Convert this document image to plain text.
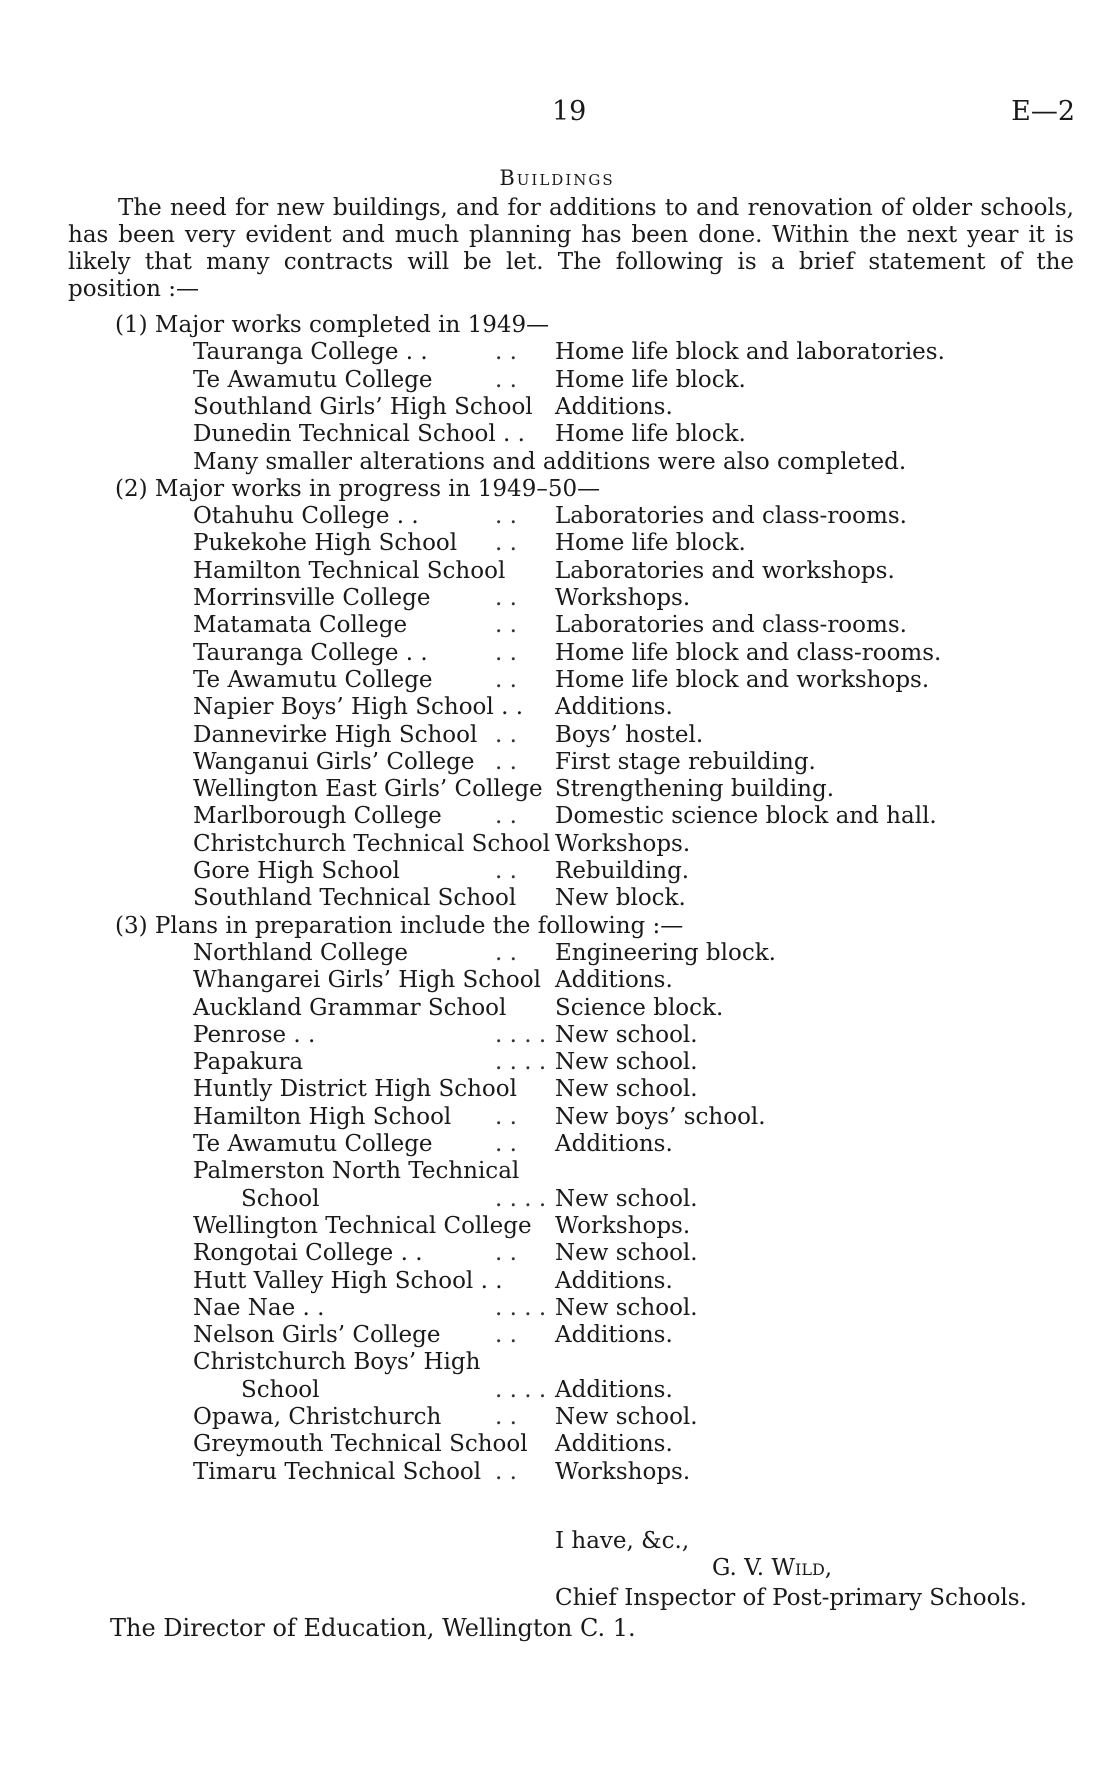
19	E—2
Buildings
The need for new buildings, and for additions to and renovation of older schools, has been very evident and much planning has been done. Within the next year it is likely that many contracts will be let. The following is a brief statement of the position :—
(1) Major works completed in 1949—
Tauranga College . .	. . Home life block and laboratories.
Te Awamutu College	. . Home life block.
Southland Girls’ High School Additions.
Dunedin Technical School . . Home life block.
Many smaller alterations and additions were also completed.
(2) Major works in progress in 1949–50—
Otahuhu College . .	. . Laboratories and class-rooms.
Pukekohe High School . . Home life block.
Hamilton Technical School Laboratories and workshops.
Morrinsville College	. . Workshops.
Matamata College	. . Laboratories and class-rooms.
Tauranga College . .	. . Home life block and class-rooms.
Te Awamutu College	. . Home life block and workshops.
Napier Boys’ High School . . Additions.
Dannevirke High School . . Boys’ hostel.
Wanganui Girls’ College . . First stage rebuilding.
Wellington East Girls’ College Strengthening building.
Marlborough College . . Domestic science block and hall.
Christchurch Technical School Workshops.
Gore High School	. . Rebuilding.
Southland Technical School New block.
(3) Plans in preparation include the following :—
Northland College	. . Engineering block.
Whangarei Girls’ High School Additions.
Auckland Grammar School Science block.
Penrose . .	. . . . New school.
Papakura	. . . . New school.
Huntly District High School New school.
Hamilton High School . . New boys’ school.
Te Awamutu College	. . Additions.
Palmerston North Technical
School	. . . . New school.
Wellington Technical College Workshops.
Rongotai College . .	. . New school.
Hutt Valley High School . . Additions.
Nae Nae . .	. . . . New school.
Nelson Girls’ College . . Additions.
Christchurch Boys’ High
School	. . . . Additions.
Opawa, Christchurch . . New school.
Greymouth Technical School Additions.
Timaru Technical School . . Workshops.
I have, &c.,
G. V. Wild,
Chief Inspector of Post-primary Schools.
The Director of Education, Wellington C. 1.
